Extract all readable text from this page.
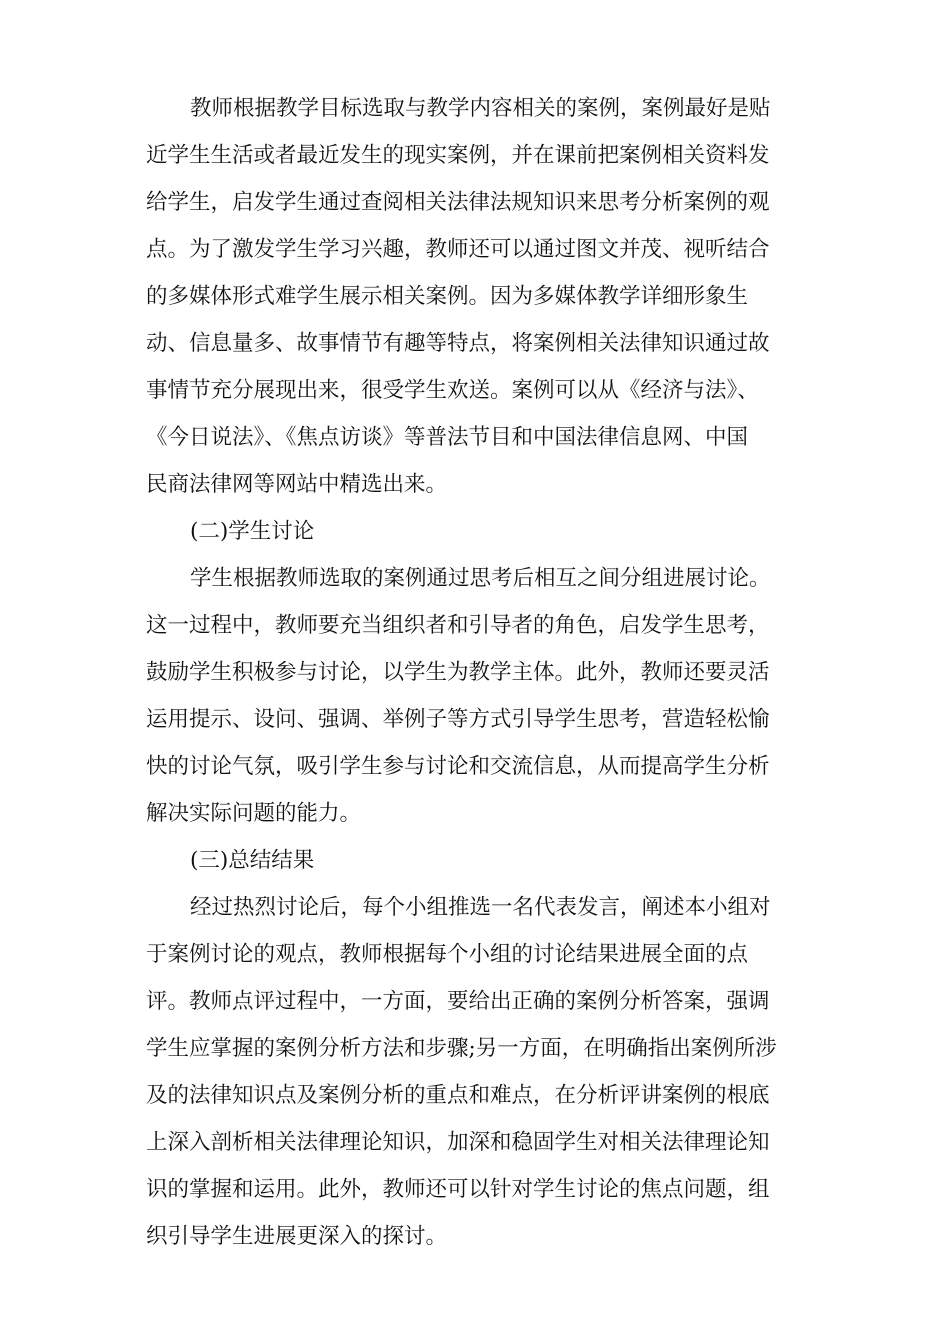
教师根据教学目标选取与教学内容相关的案例，案例最好是贴

近学生生活或者最近发生的现实案例，并在课前把案例相关资料发

给学生，启发学生通过查阅相关法律法规知识来思考分析案例的观

点。为了激发学生学习兴趣，教师还可以通过图文并茂、视听结合

的多媒体形式难学生展示相关案例。因为多媒体教学详细形象生

动、信息量多、故事情节有趣等特点，将案例相关法律知识通过故

事情节充分展现出来，很受学生欢送。案例可以从《经济与法》、

《今日说法》、《焦点访谈》等普法节目和中国法律信息网、中国

民商法律网等网站中精选出来。

(二)学生讨论

学生根据教师选取的案例通过思考后相互之间分组进展讨论。

这一过程中，教师要充当组织者和引导者的角色，启发学生思考，

鼓励学生积极参与讨论，以学生为教学主体。此外，教师还要灵活

运用提示、设问、强调、举例子等方式引导学生思考，营造轻松愉

快的讨论气氛，吸引学生参与讨论和交流信息，从而提高学生分析

解决实际问题的能力。

(三)总结结果

经过热烈讨论后，每个小组推选一名代表发言，阐述本小组对

于案例讨论的观点，教师根据每个小组的讨论结果进展全面的点

评。教师点评过程中，一方面，要给出正确的案例分析答案，强调

学生应掌握的案例分析方法和步骤;另一方面，在明确指出案例所涉

及的法律知识点及案例分析的重点和难点，在分析评讲案例的根底

上深入剖析相关法律理论知识，加深和稳固学生对相关法律理论知

识的掌握和运用。此外，教师还可以针对学生讨论的焦点问题，组

织引导学生进展更深入的探讨。
